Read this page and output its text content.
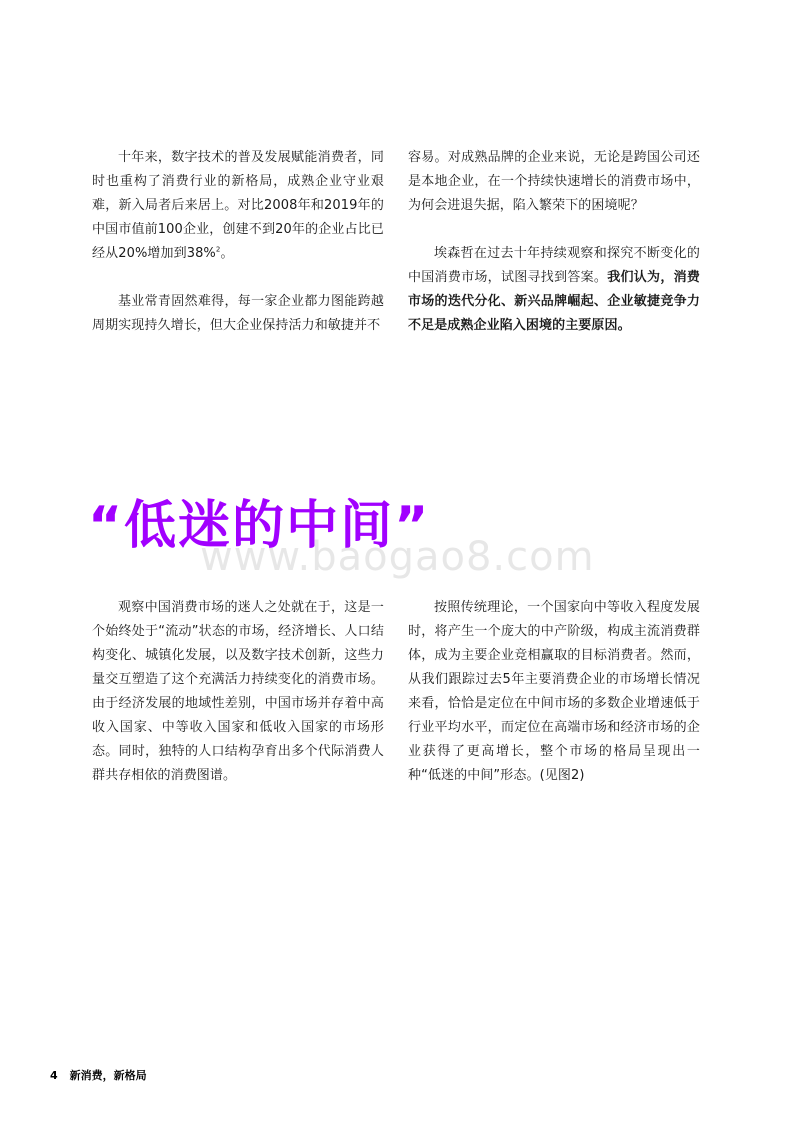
十年来，数字技术的普及发展赋能消费者，同时也重构了消费行业的新格局，成熟企业守业艰难，新入局者后来居上。对比2008年和2019年的中国市值前100企业，创建不到20年的企业占比已经从20%增加到38%$^2$。

基业常青固然难得，每一家企业都力图能跨越周期实现持久增长，但大企业保持活力和敏捷并不

容易。对成熟品牌的企业来说，无论是跨国公司还是本地企业，在一个持续快速增长的消费市场中，为何会进退失据，陷入繁荣下的困境呢？

埃森哲在过去十年持续观察和探究不断变化的中国消费市场，试图寻找到答案。我们认为，消费市场的迭代分化、新兴品牌崛起、企业敏捷竞争力不足是成熟企业陷入困境的主要原因。

“低迷的中间”
www.baogao8.com

观察中国消费市场的迷人之处就在于，这是一个始终处于“流动”状态的市场，经济增长、人口结构变化、城镇化发展，以及数字技术创新，这些力量交互塑造了这个充满活力持续变化的消费市场。由于经济发展的地域性差别，中国市场并存着中高收入国家、中等收入国家和低收入国家的市场形态。同时，独特的人口结构孕育出多个代际消费人群共存相依的消费图谱。

按照传统理论，一个国家向中等收入程度发展时，将产生一个庞大的中产阶级，构成主流消费群体，成为主要企业竞相赢取的目标消费者。然而，从我们跟踪过去5年主要消费企业的市场增长情况来看，恰恰是定位在中间市场的多数企业增速低于行业平均水平，而定位在高端市场和经济市场的企业获得了更高增长，整个市场的格局呈现出一种“低迷的中间”形态。(见图2)

4 新消费，新格局
